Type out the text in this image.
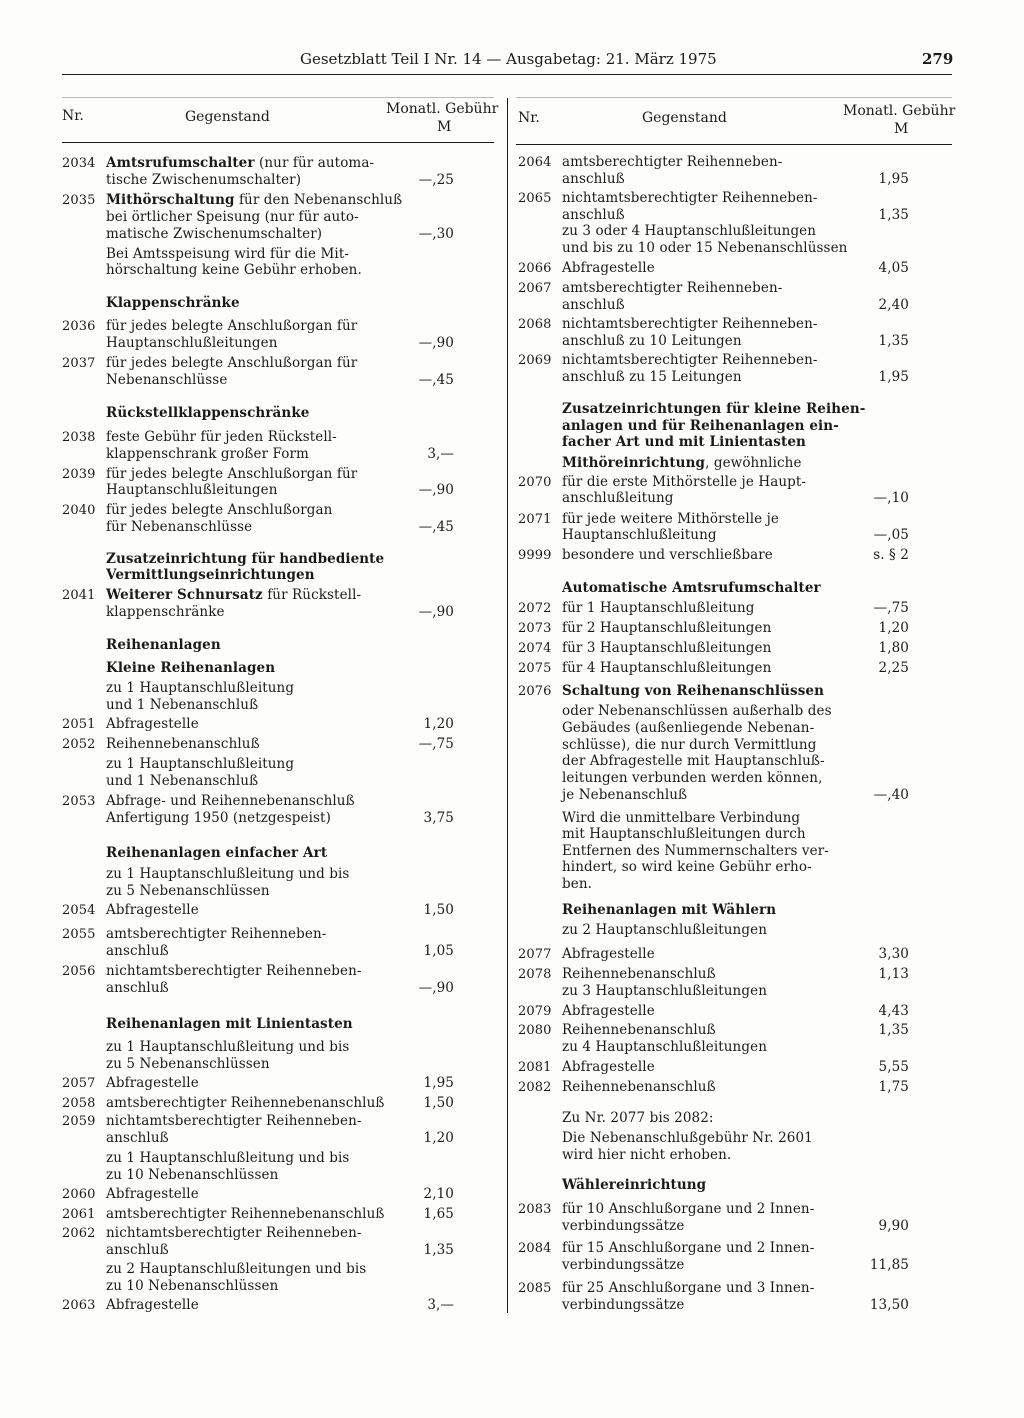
Gesetzblatt Teil I Nr. 14 — Ausgabetag: 21. März 1975	279
Nr.	Gegenstand	Monatl. Gebühr
M
Nr.	Gegenstand	Monatl. Gebühr
M
2034 Amtsrufumschalter (nur für automa-
tische Zwischenumschalter)	—,25
2035 Mithörschaltung für den Nebenanschluß
bei örtlicher Speisung (nur für auto-
matische Zwischenumschalter)	—,30
Bei Amtsspeisung wird für die Mit-
hörschaltung keine Gebühr erhoben.
Klappenschränke
2036 für jedes belegte Anschlußorgan für
Hauptanschlußleitungen	—,90
2037 für jedes belegte Anschlußorgan für
Nebenanschlüsse	—,45
Rückstellklappenschränke
2038 feste Gebühr für jeden Rückstell-
klappenschrank großer Form	3,—
2039 für jedes belegte Anschlußorgan für
Hauptanschlußleitungen	—,90
2040 für jedes belegte Anschlußorgan
für Nebenanschlüsse	—,45
Zusatzeinrichtung für handbediente
Vermittlungseinrichtungen
2041 Weiterer Schnursatz für Rückstell-
klappenschränke	—,90
Reihenanlagen
Kleine Reihenanlagen
zu 1 Hauptanschlußleitung
und 1 Nebenanschluß
2051 Abfragestelle	1,20
2052 Reihennebenanschluß	—,75
zu 1 Hauptanschlußleitung
und 1 Nebenanschluß
2053 Abfrage- und Reihennebenanschluß
Anfertigung 1950 (netzgespeist)	3,75
Reihenanlagen einfacher Art
zu 1 Hauptanschlußleitung und bis
zu 5 Nebenanschlüssen
2054 Abfragestelle	1,50
2055 amtsberechtigter Reihenneben-
anschluß	1,05
2056 nichtamtsberechtigter Reihenneben-
anschluß	—,90
Reihenanlagen mit Linientasten
zu 1 Hauptanschlußleitung und bis
zu 5 Nebenanschlüssen
2057 Abfragestelle	1,95
2058 amtsberechtigter Reihennebenanschluß	1,50
2059 nichtamtsberechtigter Reihenneben-
anschluß	1,20
zu 1 Hauptanschlußleitung und bis
zu 10 Nebenanschlüssen
2060 Abfragestelle	2,10
2061 amtsberechtigter Reihennebenanschluß	1,65
2062 nichtamtsberechtigter Reihenneben-
anschluß	1,35
zu 2 Hauptanschlußleitungen und bis
zu 10 Nebenanschlüssen
2063 Abfragestelle	3,—
2064 amtsberechtigter Reihenneben-
anschluß	1,95
2065 nichtamtsberechtigter Reihenneben-
anschluß	1,35
zu 3 oder 4 Hauptanschlußleitungen
und bis zu 10 oder 15 Nebenanschlüssen
2066 Abfragestelle	4,05
2067 amtsberechtigter Reihenneben-
anschluß	2,40
2068 nichtamtsberechtigter Reihenneben-
anschluß zu 10 Leitungen	1,35
2069 nichtamtsberechtigter Reihenneben-
anschluß zu 15 Leitungen	1,95
Zusatzeinrichtungen für kleine Reihen-
anlagen und für Reihenanlagen ein-
facher Art und mit Linientasten
Mithöreinrichtung, gewöhnliche
2070 für die erste Mithörstelle je Haupt-
anschlußleitung	—,10
2071 für jede weitere Mithörstelle je
Hauptanschlußleitung	—,05
9999 besondere und verschließbare	s. § 2
Automatische Amtsrufumschalter
2072 für 1 Hauptanschlußleitung	—,75
2073 für 2 Hauptanschlußleitungen	1,20
2074 für 3 Hauptanschlußleitungen	1,80
2075 für 4 Hauptanschlußleitungen	2,25
2076 Schaltung von Reihenanschlüssen
oder Nebenanschlüssen außerhalb des
Gebäudes (außenliegende Nebenan-
schlüsse), die nur durch Vermittlung
der Abfragestelle mit Hauptanschluß-
leitungen verbunden werden können,
je Nebenanschluß	—,40
Wird die unmittelbare Verbindung
mit Hauptanschlußleitungen durch
Entfernen des Nummernschalters ver-
hindert, so wird keine Gebühr erho-
ben.
Reihenanlagen mit Wählern
zu 2 Hauptanschlußleitungen
2077 Abfragestelle	3,30
2078 Reihennebenanschluß	1,13
zu 3 Hauptanschlußleitungen
2079 Abfragestelle	4,43
2080 Reihennebenanschluß	1,35
zu 4 Hauptanschlußleitungen
2081 Abfragestelle	5,55
2082 Reihennebenanschluß	1,75
Zu Nr. 2077 bis 2082:
Die Nebenanschlußgebühr Nr. 2601
wird hier nicht erhoben.
Wählereinrichtung
2083 für 10 Anschlußorgane und 2 Innen-
verbindungssätze	9,90
2084 für 15 Anschlußorgane und 2 Innen-
verbindungssätze	11,85
2085 für 25 Anschlußorgane und 3 Innen-
verbindungssätze	13,50
